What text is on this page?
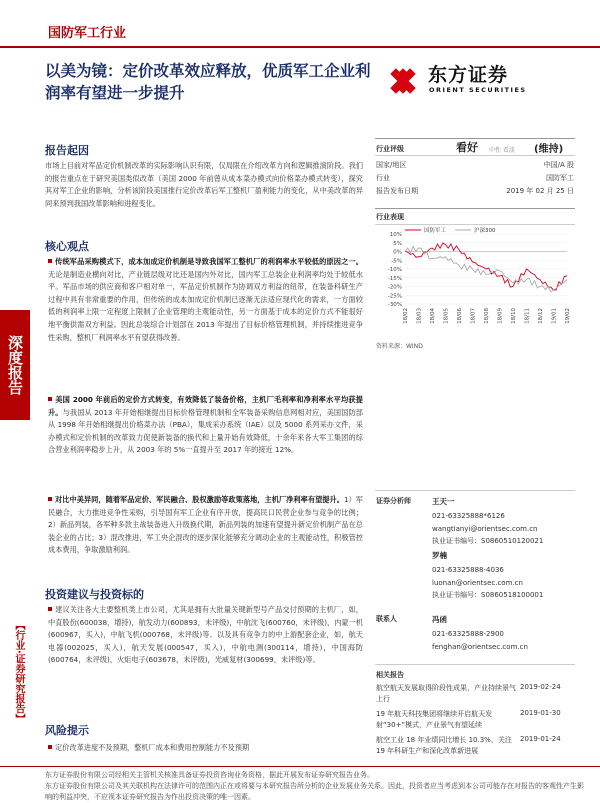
国防军工行业
以美为镜：定价改革效应释放，优质军工企业利润率有望进一步提升
东方证券
ORIENT SECURITIES
深度报告
【行业·证券研究报告】
报告起因
市场上目前对军品定价机制改革的实际影响认识有限，仅局限在介绍改革方向和逻辑推演阶段。我们的报告重点在于研究美国类似改革（美国 2000 年前曾从成本菜办模式向价格菜办模式转变），探究其对军工企业的影响，分析该阶段美国推行定价改革后军工整机厂盈利能力的变化，从中美改革的异同来预判我国改革影响和进程变化。
核心观点
传统军品采购模式下，成本加成定价机制是导致我国军工整机厂的利润率水平较低的原因之一。无论是制造业横向对比，产业链层级对比还是国内外对比，国内军工总装企业利润率均处于较低水平。军品市场的供应商和客户相对单一，军品定价机制作为协调双方利益的纽带，在装备科研生产过程中具有非常重要的作用，但传统的成本加成定价机制已逐渐无法适应现代化的需求，一方面较低的利润率上限一定程度上限制了企业管理的主观能动性，另一方面基于成本的定价方式不能很好地平衡供需双方利益。因此总装综合计划部在 2013 年提出了目标价格管理机制，并持续推进竞争性采购，整机厂利润率水平有望获得改善。
美国 2000 年前后的定价方式转变，有效降低了装备价格，主机厂毛利率和净利率水平均获提升。与我国从 2013 年开始相继提出目标价格管理机制和全军装备采购信息网相对应，美国国防部从 1998 年开始相继提出价格菜办法（PBA），集成采办系统（IAE）以及 5000 系列采办文件，采办模式和定价机制的改革致力促使新装备的换代和上量开始有效降低，十余年来各大军工集团的综合营业利润率稳步上升，从 2003 年的 5%一直提升至 2017 年的接近 12%。
对比中美异同，随着军品定价、军民融合、股权激励等政策落地，主机厂净利率有望提升。1）军民融合，大力推进竞争性采购，引导国有军工企业有序开放，提高民口民营企业参与竞争的比例；2）新品列装，各军种多款主战装备进入升级换代期，新品列装的加速有望提升新定价机制产品在总装企业的占比；3）混改推进，军工央企混改的逐步深化能够充分调动企业的主观能动性，积极管控成本费用，争取激励利润。
投资建议与投资标的
建议关注各大主要整机类上市公司，尤其是拥有大批量关键新型号产品交付预期的主机厂，如，中直股份(600038，增持)，航发动力(600893，未评级)，中航沈飞(600760，未评级)，内蒙一机(600967，买入)，中航飞机(000768，未评级)等。以及具有竞争力的中上游配套企业，如，航天电器(002025，买入)，航天发展(000547，买入)，中航电测(300114，增持)，中国海防(600764，未评级)，火炬电子(603678，未评级)，光威复材(300699，未评级)等。
风险提示
定价改革进度不及预期，整机厂成本和费用控制能力不及预期
行业评级	看好 中性 看淡 (维持)
国家/地区	中国/A 股
行业	国防军工
报告发布日期	2019 年 02 月 25 日
行业表现
10%
5%
0%
-5%
-10%
-15%
-20%
-25%
-30%
18/02 18/03 18/04 18/05 18/06 18/07 18/08 18/09 18/10 18/11 18/12 19/01 19/02
国防军工	沪深300
资料来源：WIND
证券分析师	王天一
021-63325888*6126
wangtianyi@orientsec.com.cn
执业证书编号：S0860510120021
罗楠
021-63325888-4036
luonan@orientsec.com.cn
执业证书编号：S0860518100001
联系人	冯函
021-63325888-2900
fenghan@orientsec.com.cn
相关报告
航空航天发展取得阶段性成果，产业持续景气上行
2019-02-24
19 年航天科技集团将继续开启航天发射“30+”模式，产业景气有望延续
2019-01-30
航空工业 18 年业绩同比增长 10.3%，关注 19 年科研生产和深化改革新进展
2019-01-24
东方证券股份有限公司经相关主管机关核准具备证券投资咨询业务资格，据此开展发布证券研究报告业务。
东方证券股份有限公司及其关联机构在法律许可的范围内正在或将要与本研究报告所分析的企业发展业务关系。因此，投资者应当考虑到本公司可能存在对报告的客观性产生影响的利益冲突，不应视本证券研究报告为作出投资决策的唯一因素。
